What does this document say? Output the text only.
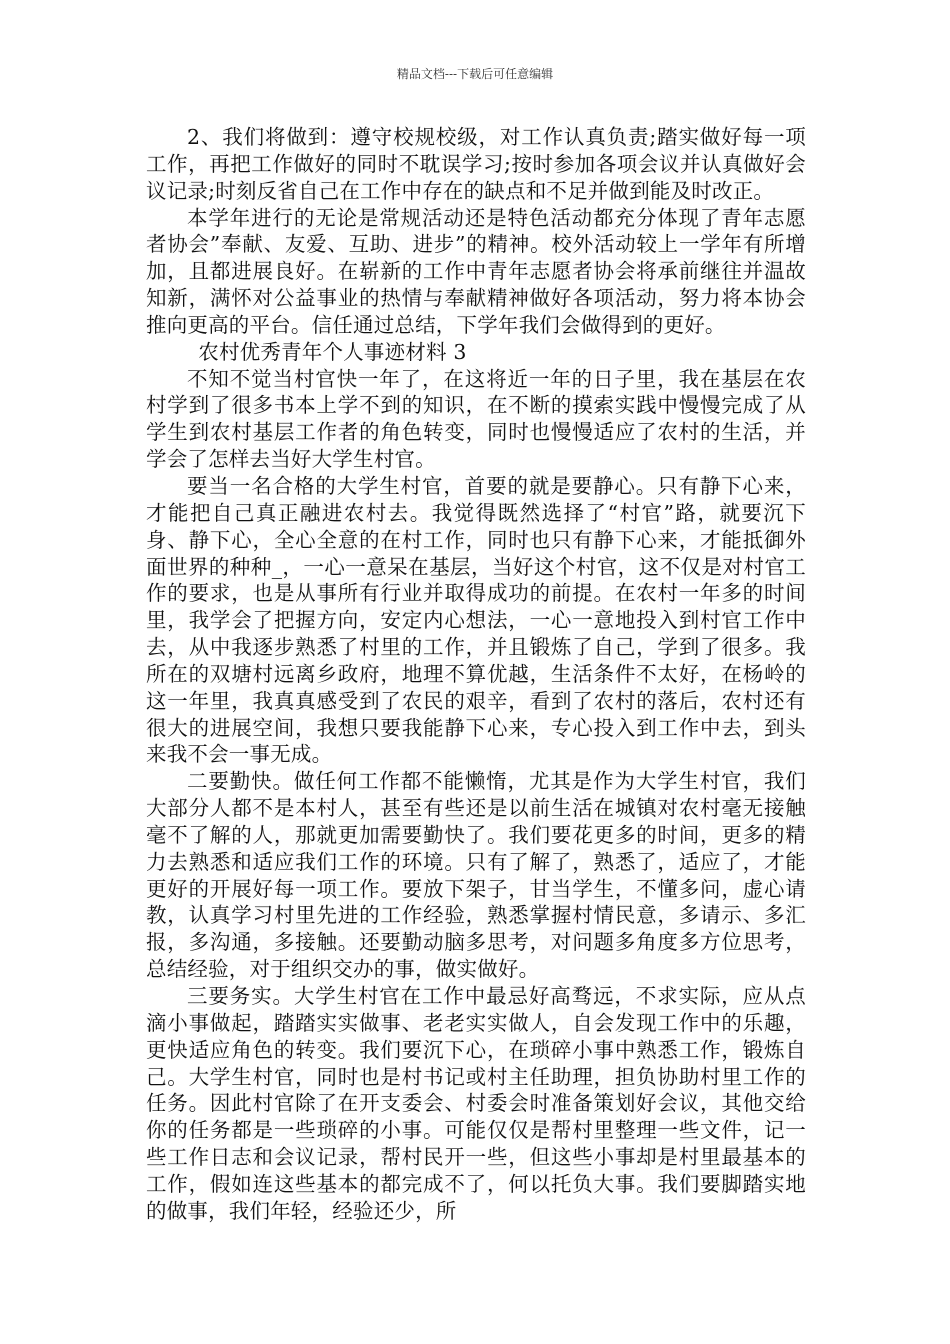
精品文档---下载后可任意编辑

2、我们将做到：遵守校规校级，对工作认真负责;踏实做好每一项工作，再把工作做好的同时不耽误学习;按时参加各项会议并认真做好会议记录;时刻反省自己在工作中存在的缺点和不足并做到能及时改正。

本学年进行的无论是常规活动还是特色活动都充分体现了青年志愿者协会”奉献、友爱、互助、进步”的精神。校外活动较上一学年有所增加，且都进展良好。在崭新的工作中青年志愿者协会将承前继往并温故知新，满怀对公益事业的热情与奉献精神做好各项活动，努力将本协会推向更高的平台。信任通过总结，下学年我们会做得到的更好。

农村优秀青年个人事迹材料 3

不知不觉当村官快一年了，在这将近一年的日子里，我在基层在农村学到了很多书本上学不到的知识，在不断的摸索实践中慢慢完成了从学生到农村基层工作者的角色转变，同时也慢慢适应了农村的生活，并学会了怎样去当好大学生村官。

要当一名合格的大学生村官，首要的就是要静心。只有静下心来，才能把自己真正融进农村去。我觉得既然选择了“村官”路，就要沉下身、静下心，全心全意的在村工作，同时也只有静下心来，才能抵御外面世界的种种_，一心一意呆在基层，当好这个村官，这不仅是对村官工作的要求，也是从事所有行业并取得成功的前提。在农村一年多的时间里，我学会了把握方向，安定内心想法，一心一意地投入到村官工作中去，从中我逐步熟悉了村里的工作，并且锻炼了自己，学到了很多。我所在的双塘村远离乡政府，地理不算优越，生活条件不太好，在杨岭的这一年里，我真真感受到了农民的艰辛，看到了农村的落后，农村还有很大的进展空间，我想只要我能静下心来，专心投入到工作中去，到头来我不会一事无成。

二要勤快。做任何工作都不能懒惰，尤其是作为大学生村官，我们大部分人都不是本村人，甚至有些还是以前生活在城镇对农村毫无接触毫不了解的人，那就更加需要勤快了。我们要花更多的时间，更多的精力去熟悉和适应我们工作的环境。只有了解了，熟悉了，适应了，才能更好的开展好每一项工作。要放下架子，甘当学生，不懂多问，虚心请教，认真学习村里先进的工作经验，熟悉掌握村情民意，多请示、多汇报，多沟通，多接触。还要勤动脑多思考，对问题多角度多方位思考，总结经验，对于组织交办的事，做实做好。

三要务实。大学生村官在工作中最忌好高骛远，不求实际，应从点滴小事做起，踏踏实实做事、老老实实做人，自会发现工作中的乐趣，更快适应角色的转变。我们要沉下心，在琐碎小事中熟悉工作，锻炼自己。大学生村官，同时也是村书记或村主任助理，担负协助村里工作的任务。因此村官除了在开支委会、村委会时准备策划好会议，其他交给你的任务都是一些琐碎的小事。可能仅仅是帮村里整理一些文件，记一些工作日志和会议记录，帮村民开一些，但这些小事却是村里最基本的工作，假如连这些基本的都完成不了，何以托负大事。我们要脚踏实地的做事，我们年轻，经验还少，所
